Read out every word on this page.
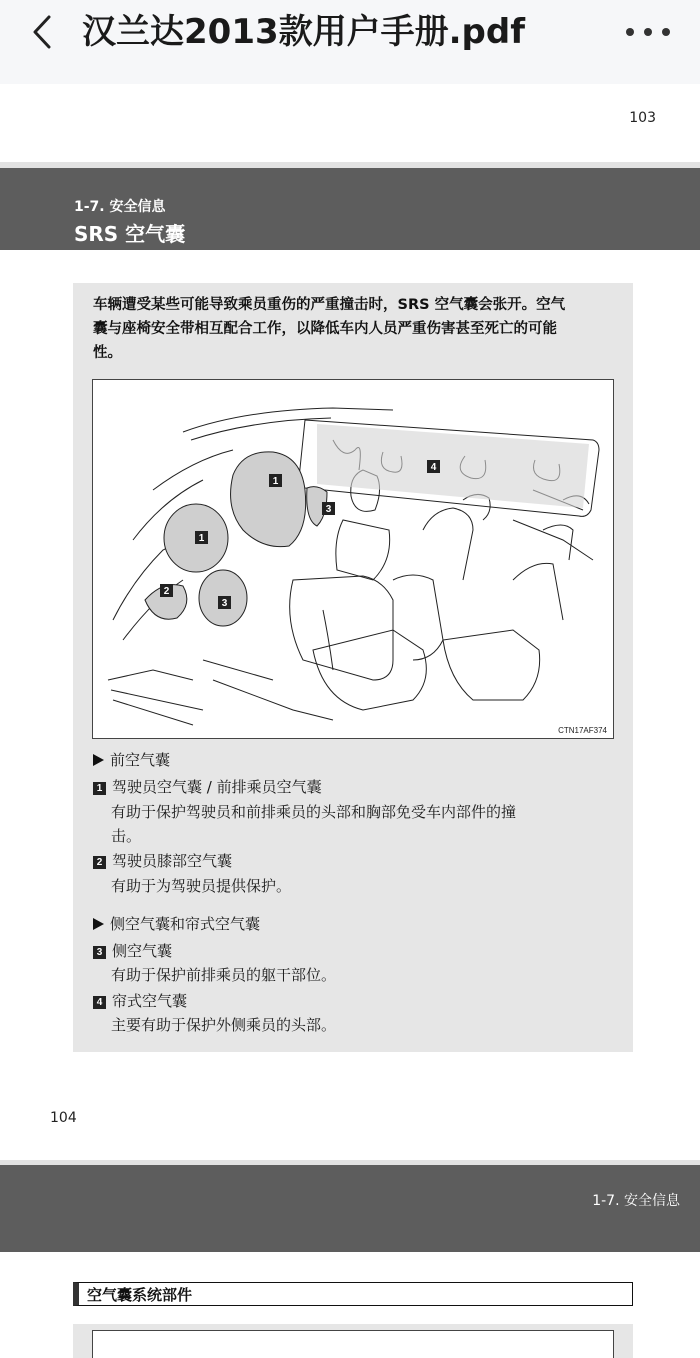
汉兰达2013款用户手册.pdf
103
1-7. 安全信息
SRS 空气囊
车辆遭受某些可能导致乘员重伤的严重撞击时，SRS 空气囊会张开。空气
囊与座椅安全带相互配合工作，以降低车内人员严重伤害甚至死亡的可能
性。
1
1
2
3
3
4
CTN17AF374
前空气囊
1 驾驶员空气囊 / 前排乘员空气囊
有助于保护驾驶员和前排乘员的头部和胸部免受车内部件的撞
击。
2 驾驶员膝部空气囊
有助于为驾驶员提供保护。
侧空气囊和帘式空气囊
3 侧空气囊
有助于保护前排乘员的躯干部位。
4 帘式空气囊
主要有助于保护外侧乘员的头部。
104
1-7. 安全信息
空气囊系统部件
